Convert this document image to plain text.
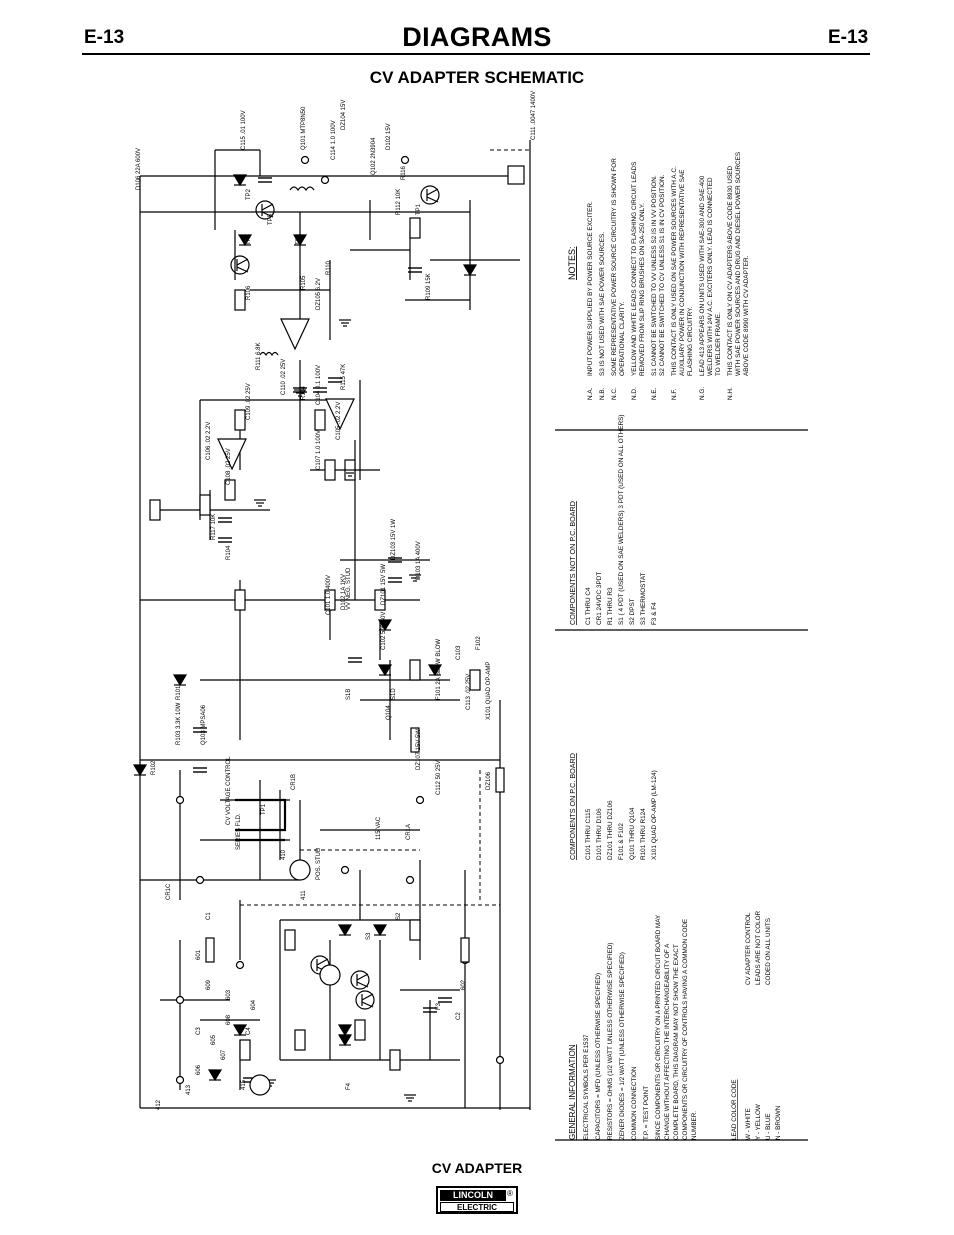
E-13	DIAGRAMS	E-13
CV ADAPTER SCHEMATIC
C111 .0047 1400V
D106 22A 600V
Q101 MTP8N50	DZ104 15V
D102 15V
Q102 2N3904	R116
C114 1.0 100V
C115 .01 100V
TP2
TP5
TP4	TP3
TP1
R112 10K
R109 15K
R110
R111 6.8K
R115 47K
R114 C104 0.1 100V
C105 .02 2.2V
C106 .02 2.2V
C108 .02 25V
C109 .02 25V
C107 1.0 100V
C110 .02 25V
R117 10K
R104
R105
R106	DZ105 6.2V
DZ103 15V 1W
D103 1A 400V
D102 1A 1KV	DZ101 15V 5W
C101 1.0 400V
C102 500 50V
C103
F101 2A SLOW BLOW	F102
R101
R102
R103 3.3K 10W	Q103 MPSA06	Q104
DZ106
DZ107 15V 5W
C112 50 25V
C113 .02 25V X101 QUAD OP-AMP
S1B	S1D
S2
S3
F3
F4
CR1A
CR1B
CR1C
C1
C2
C3	C4
TP1
CV VOLTAGE CONTROL
SERIES FLD.
VV NEG. STUD
POS. STUD
115 VAC
410
411
412
413	415
601
602
603
604
605
606
607
608
609
NOTES:
N.A.
INPUT POWER SUPPLIED BY POWER SOURCE EXCITER.
N.B.
S3 IS NOT USED WITH SAE POWER SOURCES.
N.C.
SOME REPRESENTATIVE POWER SOURCE CIRCUITRY IS SHOWN FOR OPERATIONAL CLARITY.
N.D.
YELLOW AND WHITE LEADS CONNECT TO FLASHING CIRCUIT LEADS REMOVED FROM SLIP RING BRUSHES ON SA-250 ONLY.
N.E.
S1 CANNOT BE SWITCHED TO VV UNLESS S2 IS IN VV POSITION. S2 CANNOT BE SWITCHED TO CV UNLESS S1 IS IN CV POSITION.
N.F.
THIS CONTACT IS ONLY USED ON SAE POWER SOURCES WITH A.C. AUXILIARY POWER IN CONJUNCTION WITH REPRESENTATIVE SAE FLASHING CIRCUITRY.
N.G.
LEAD 413 APPEARS ON UNITS USED WITH SAE-300 AND SAE-400 WELDERS WITH 24V A.C. EXCITERS ONLY. LEAD IS CONNECTED TO WELDER FRAME.
N.H.
THIS CONTACT IS ONLY ON CV ADAPTERS ABOVE CODE 8930 USED WITH SAE POWER SOURCES AND DRUG AND DIESEL POWER SOURCES ABOVE CODE 8990 WITH CV ADAPTER.
COMPONENTS NOT ON P.C. BOARD C1 THRU C4 CR1 24VDC 3PDT R1 THRU R3 S1 { 4 PDT (USED ON SAE WELDERS) 3 PDT (USED ON ALL OTHERS) S2 DPST S3 THERMOSTAT F3 & F4
COMPONENTS ON P.C. BOARD C101 THRU C115 D101 THRU D106 DZ101 THRU DZ106 F101 & F102 Q101 THRU Q104 R101 THRU R124 X101 QUAD OP-AMP (LM-124)
GENERAL INFORMATION ELECTRICAL SYMBOLS PER E1537 CAPACITORS = MFD (UNLESS OTHERWISE SPECIFIED) RESISTORS = OHMS (1/2 WATT UNLESS OTHERWISE SPECIFIED) ZENER DIODES = 1/2 WATT (UNLESS OTHERWISE SPECIFIED) COMMON CONNECTION T.P. = TEST POINT SINCE COMPONENTS OR CIRCUITRY ON A PRINTED CIRCUIT BOARD MAY CHANGE WITHOUT AFFECTING THE INTERCHANGEABILITY OF A COMPLETE BOARD, THIS DIAGRAM MAY NOT SHOW THE EXACT COMPONENTS OR CIRCUITRY OF CONTROLS HAVING A COMMON CODE NUMBER.	LEAD COLOR CODE W - WHITE Y - YELLOW U - BLUE N - BROWN
CV ADAPTER CONTROL LEADS ARE NOT COLOR CODED ON ALL UNITS
CV ADAPTER
LINCOLN	®
ELECTRIC
